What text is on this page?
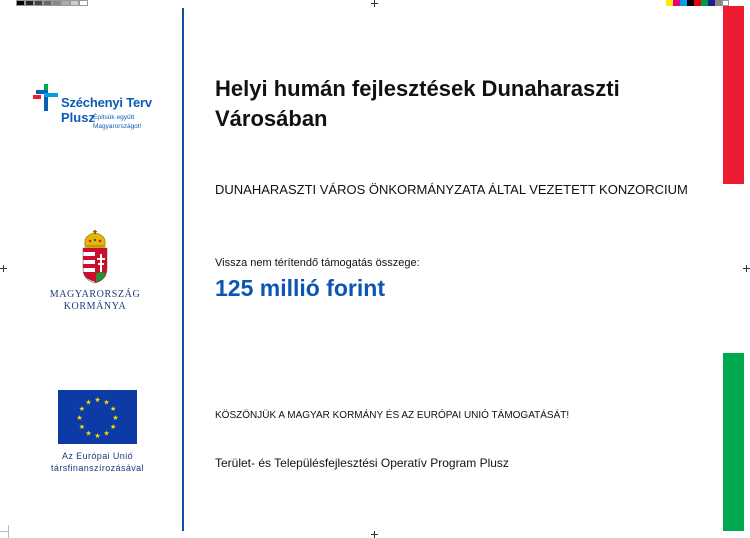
Széchenyi Terv
Plusz
Építsük együtt
Magyarországot!
MAGYARORSZÁG
KORMÁNYA
★ ★
★
★
★
★
★
★
★
★
★
★
Az Európai Unió
társfinanszírozásával
Helyi humán fejlesztések Dunaharaszti Városában
DUNAHARASZTI VÁROS ÖNKORMÁNYZATA ÁLTAL VEZETETT KONZORCIUM
Vissza nem térítendő támogatás összege:
125 millió forint
KÖSZÖNJÜK A MAGYAR KORMÁNY ÉS AZ EURÓPAI UNIÓ TÁMOGATÁSÁT!
Terület- és Településfejlesztési Operatív Program Plusz
